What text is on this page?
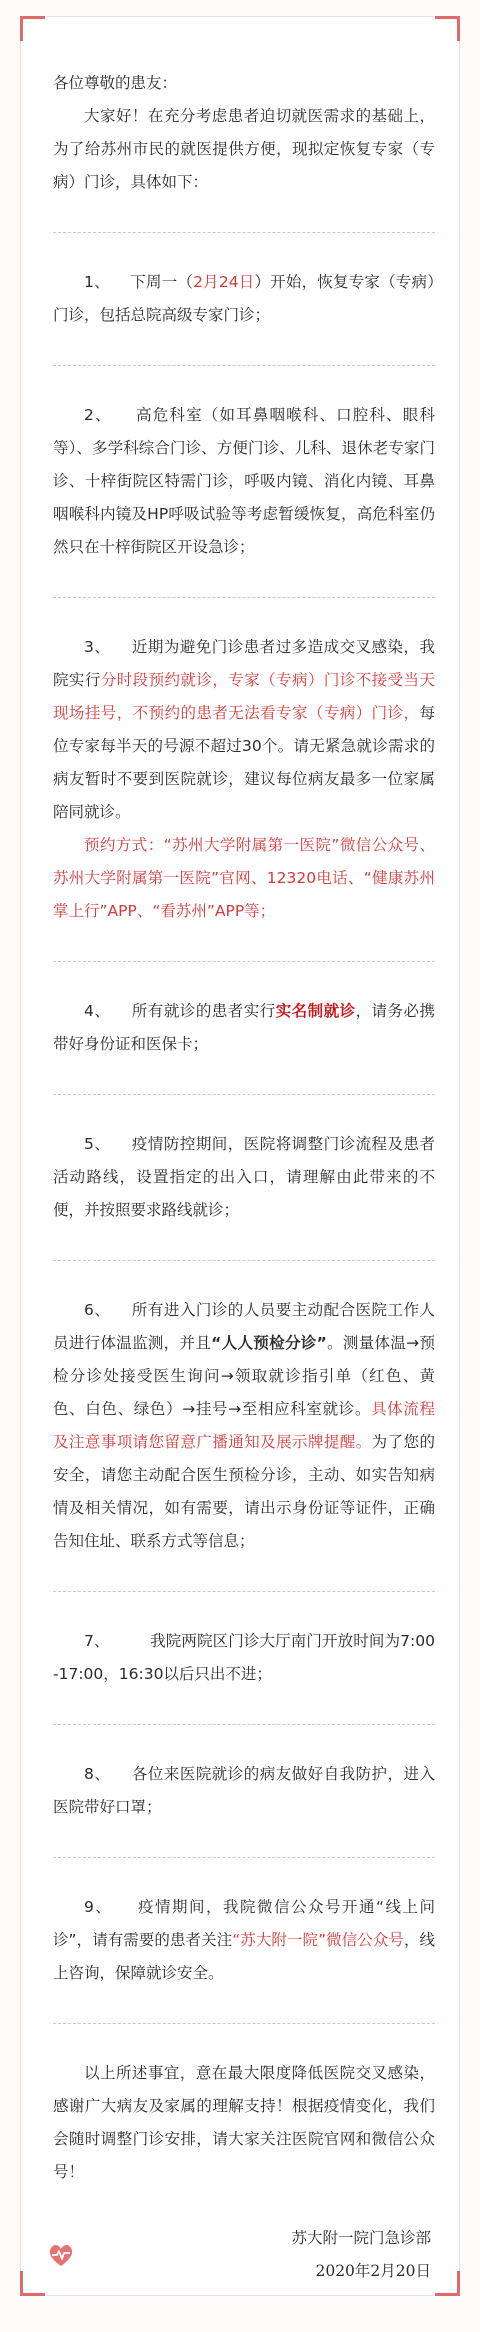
各位尊敬的患友：

大家好！在充分考虑患者迫切就医需求的基础上，为了给苏州市民的就医提供方便，现拟定恢复专家（专病）门诊，具体如下：

1、 下周一（2月24日）开始，恢复专家（专病）门诊，包括总院高级专家门诊；

2、 高危科室（如耳鼻咽喉科、口腔科、眼科等）、多学科综合门诊、方便门诊、儿科、退休老专家门诊、十梓街院区特需门诊，呼吸内镜、消化内镜、耳鼻咽喉科内镜及HP呼吸试验等考虑暂缓恢复，高危科室仍然只在十梓街院区开设急诊；

3、 近期为避免门诊患者过多造成交叉感染，我院实行分时段预约就诊，专家（专病）门诊不接受当天现场挂号，不预约的患者无法看专家（专病）门诊，每位专家每半天的号源不超过30个。请无紧急就诊需求的病友暂时不要到医院就诊，建议每位病友最多一位家属陪同就诊。

预约方式：“苏州大学附属第一医院”微信公众号、苏州大学附属第一医院”官网、12320电话、“健康苏州掌上行”APP、“看苏州”APP等；

4、 所有就诊的患者实行实名制就诊，请务必携带好身份证和医保卡；

5、 疫情防控期间，医院将调整门诊流程及患者活动路线，设置指定的出入口，请理解由此带来的不便，并按照要求路线就诊；

6、 所有进入门诊的人员要主动配合医院工作人员进行体温监测，并且“人人预检分诊”。测量体温→预检分诊处接受医生询问→领取就诊指引单（红色、黄色、白色、绿色）→挂号→至相应科室就诊。具体流程及注意事项请您留意广播通知及展示牌提醒。为了您的安全，请您主动配合医生预检分诊，主动、如实告知病情及相关情况，如有需要，请出示身份证等证件，正确告知住址、联系方式等信息；

7、	我院两院区门诊大厅南门开放时间为7:00-17:00，16:30以后只出不进；

8、 各位来医院就诊的病友做好自我防护，进入医院带好口罩；

9、 疫情期间，我院微信公众号开通“线上问诊”，请有需要的患者关注“苏大附一院”微信公众号，线上咨询，保障就诊安全。

以上所述事宜，意在最大限度降低医院交叉感染，感谢广大病友及家属的理解支持！根据疫情变化，我们会随时调整门诊安排，请大家关注医院官网和微信公众号！

苏大附一院门急诊部

2020年2月20日
